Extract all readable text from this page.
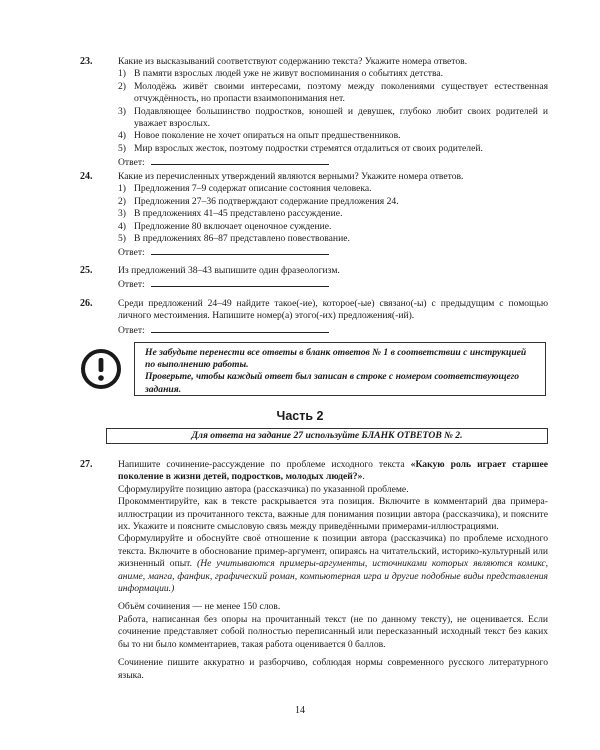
23.	Какие из высказываний соответствуют содержанию текста? Укажите номера ответов.

1) В памяти взрослых людей уже не живут воспоминания о событиях детства.
2) Молодёжь живёт своими интересами, поэтому между поколениями существует естественная отчуждённость, но пропасти взаимопонимания нет.
3) Подавляющее большинство подростков, юношей и девушек, глубоко любит своих родителей и уважает взрослых.
4) Новое поколение не хочет опираться на опыт предшественников.
5) Мир взрослых жесток, поэтому подростки стремятся отдалиться от своих родителей.

Ответ:

24.	Какие из перечисленных утверждений являются верными? Укажите номера ответов.

1) Предложения 7–9 содержат описание состояния человека.
2) Предложения 27–36 подтверждают содержание предложения 24.
3) В предложениях 41–45 представлено рассуждение.
4) Предложение 80 включает оценочное суждение.
5) В предложениях 86–87 представлено повествование.

Ответ:

25.	Из предложений 38–43 выпишите один фразеологизм.

Ответ:

26.	Среди предложений 24–49 найдите такое(-ие), которое(-ые) связано(-ы) с предыдущим с помощью личного местоимения. Напишите номер(а) этого(-их) предложения(-ий).

Ответ:

Не забудьте перенести все ответы в бланк ответов № 1 в соответствии с инструкцией по выполнению работы.

Проверьте, чтобы каждый ответ был записан в строке с номером соответствующего задания.

Часть 2
Для ответа на задание 27 используйте БЛАНК ОТВЕТОВ № 2.
27.	Напишите сочинение-рассуждение по проблеме исходного текста «Какую роль играет старшее поколение в жизни детей, подростков, молодых людей?».

Сформулируйте позицию автора (рассказчика) по указанной проблеме.

Прокомментируйте, как в тексте раскрывается эта позиция. Включите в комментарий два примера-иллюстрации из прочитанного текста, важные для понимания позиции автора (рассказчика), и поясните их. Укажите и поясните смысловую связь между приведёнными примерами-иллюстрациями.

Сформулируйте и обоснуйте своё отношение к позиции автора (рассказчика) по проблеме исходного текста. Включите в обоснование пример-аргумент, опираясь на читательский, историко-культурный или жизненный опыт. (Не учитываются примеры-аргументы, источниками которых являются комикс, аниме, манга, фанфик, графический роман, компьютерная игра и другие подобные виды представления информации.)

Объём сочинения — не менее 150 слов.

Работа, написанная без опоры на прочитанный текст (не по данному тексту), не оценивается. Если сочинение представляет собой полностью переписанный или пересказанный исходный текст без каких бы то ни было комментариев, такая работа оценивается 0 баллов.

Сочинение пишите аккуратно и разборчиво, соблюдая нормы современного русского литературного языка.

14
